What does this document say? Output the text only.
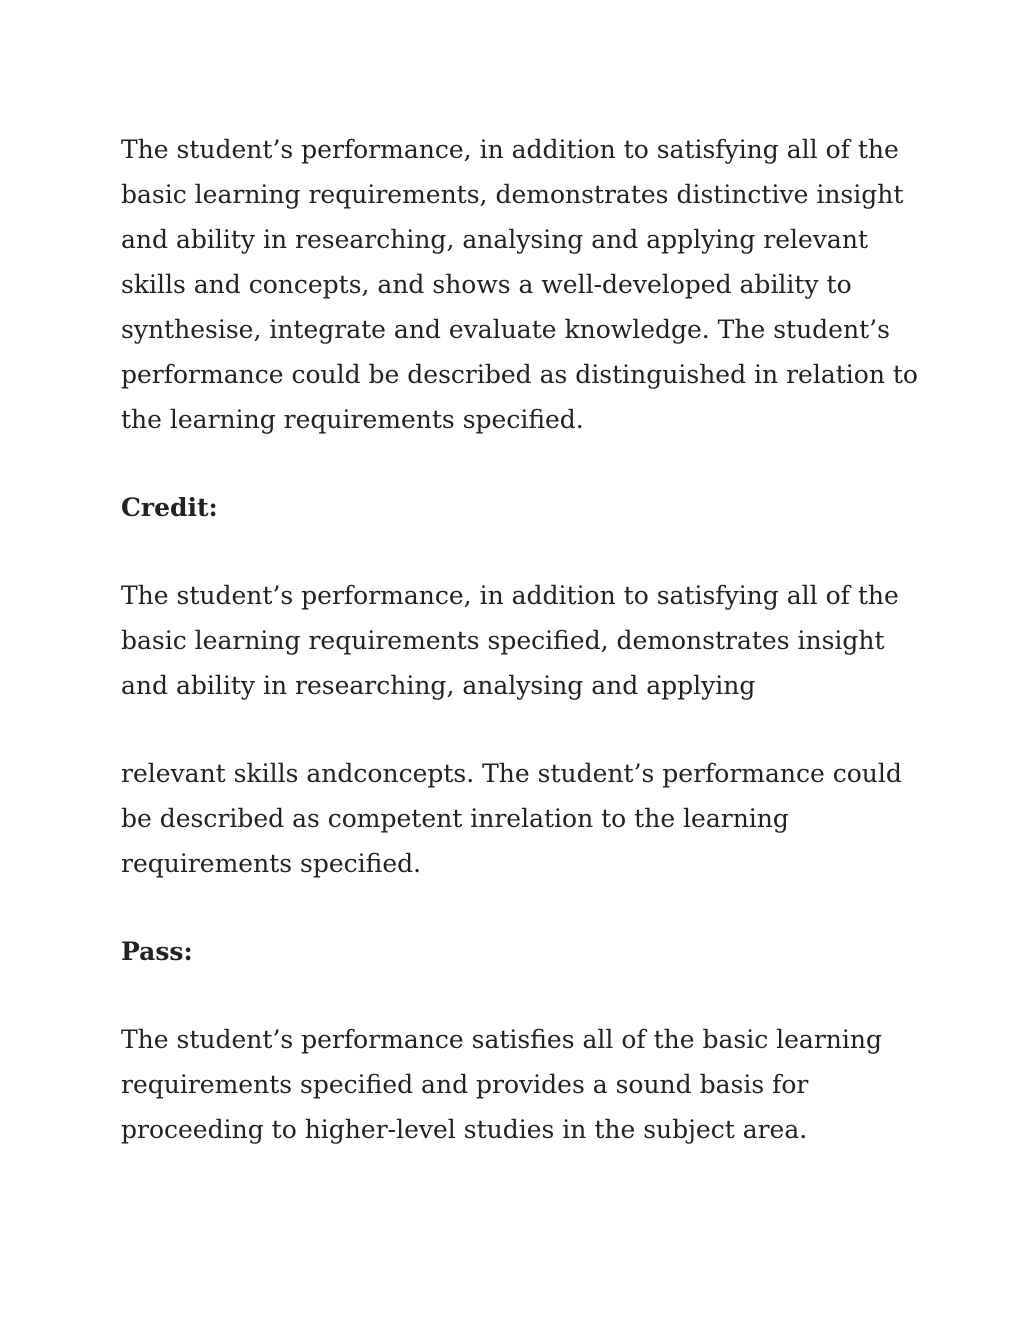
The student’s performance, in addition to satisfying all of the
basic learning requirements, demonstrates distinctive insight
and ability in researching, analysing and applying relevant
skills and concepts, and shows a well-developed ability to
synthesise, integrate and evaluate knowledge. The student’s
performance could be described as distinguished in relation to
the learning requirements specified.

Credit:

The student’s performance, in addition to satisfying all of the
basic learning requirements specified, demonstrates insight
and ability in researching, analysing and applying

relevant skills andconcepts. The student’s performance could
be described as competent inrelation to the learning
requirements specified.

Pass:

The student’s performance satisfies all of the basic learning
requirements specified and provides a sound basis for
proceeding to higher-level studies in the subject area.
